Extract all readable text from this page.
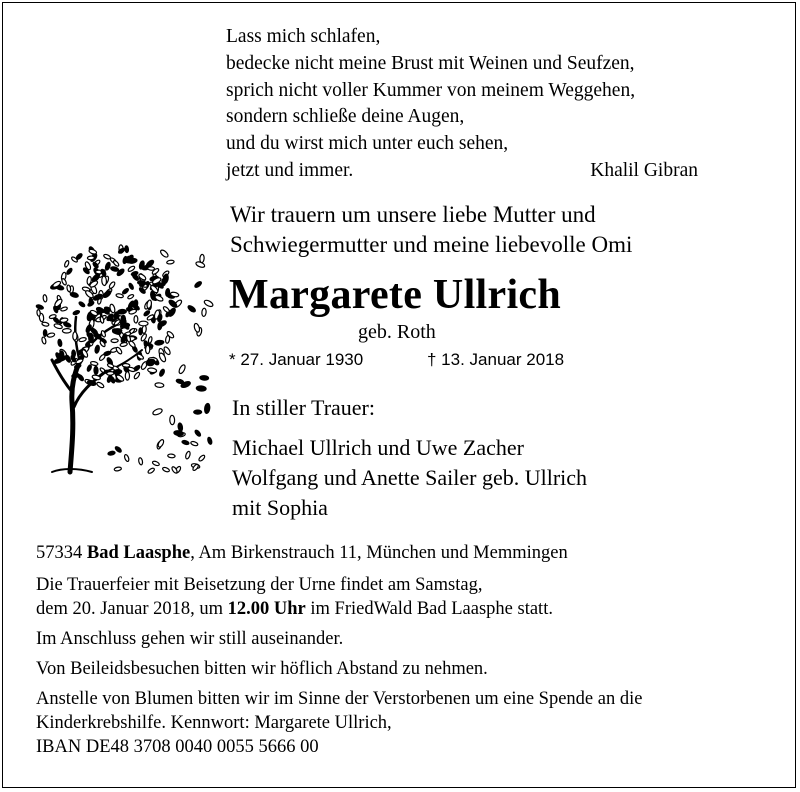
Lass mich schlafen,
bedecke nicht meine Brust mit Weinen und Seufzen,
sprich nicht voller Kummer von meinem Weggehen,
sondern schließe deine Augen,
und du wirst mich unter euch sehen,
jetzt und immer.	Khalil Gibran
Wir trauern um unsere liebe Mutter und
Schwiegermutter und meine liebevolle Omi
Margarete Ullrich
geb. Roth
* 27. Januar 1930	† 13. Januar 2018
In stiller Trauer:
Michael Ullrich und Uwe Zacher
Wolfgang und Anette Sailer geb. Ullrich
mit Sophia
57334 Bad Laasphe, Am Birkenstrauch 11, München und Memmingen
Die Trauerfeier mit Beisetzung der Urne findet am Samstag,
dem 20. Januar 2018, um 12.00 Uhr im FriedWald Bad Laasphe statt.
Im Anschluss gehen wir still auseinander.
Von Beileidsbesuchen bitten wir höflich Abstand zu nehmen.
Anstelle von Blumen bitten wir im Sinne der Verstorbenen um eine Spende an die
Kinderkrebshilfe. Kennwort: Margarete Ullrich,
IBAN DE48 3708 0040 0055 5666 00
